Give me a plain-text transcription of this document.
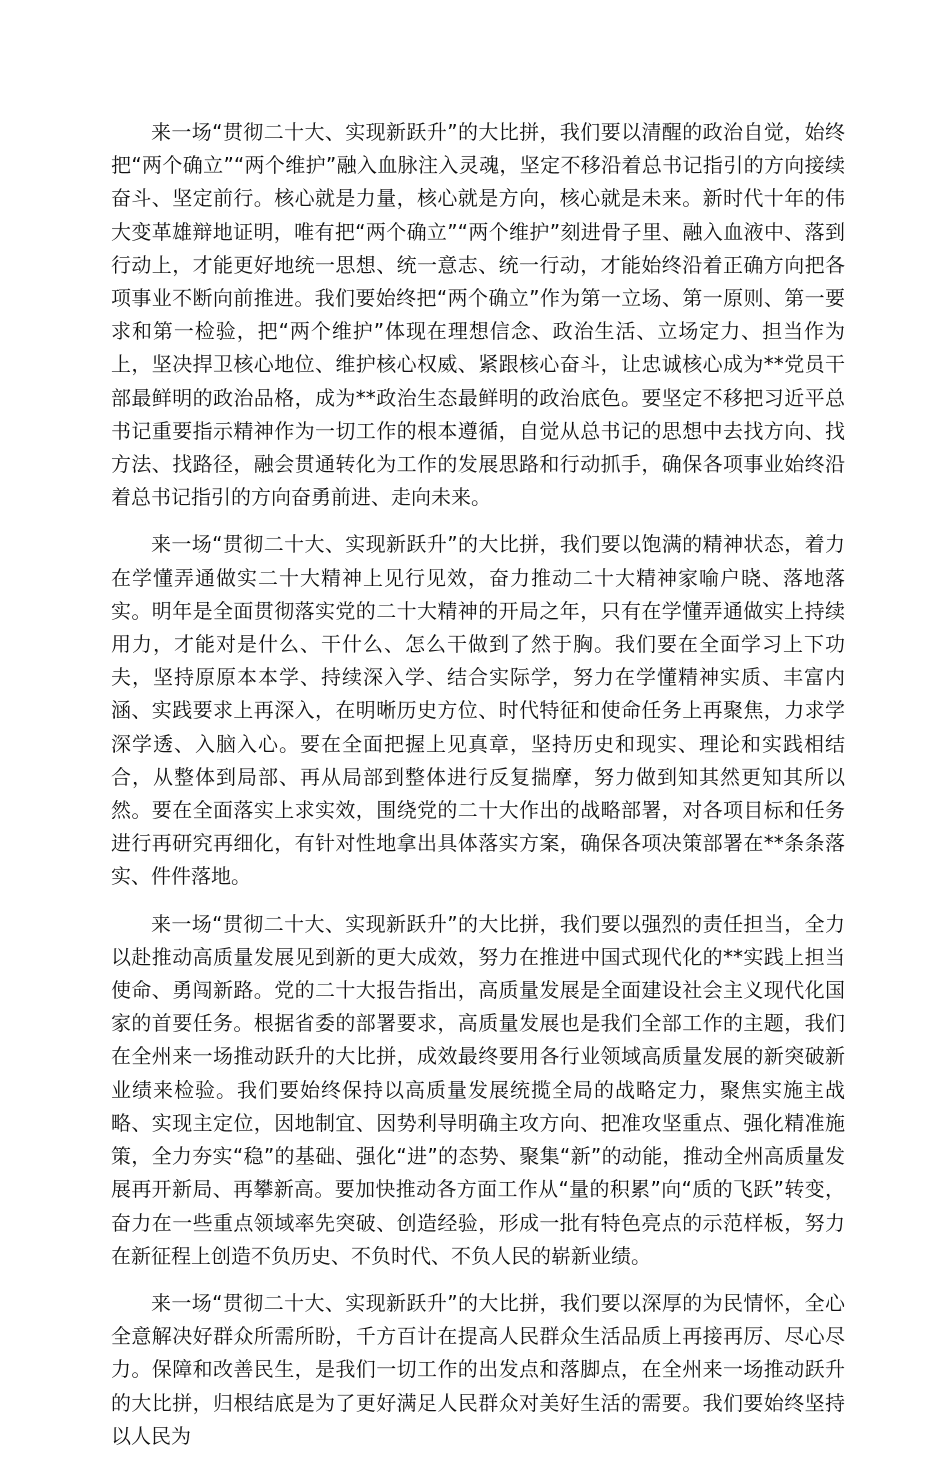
来一场“贯彻二十大、实现新跃升”的大比拼，我们要以清醒的政治自觉，始终把“两个确立”“两个维护”融入血脉注入灵魂，坚定不移沿着总书记指引的方向接续奋斗、坚定前行。核心就是力量，核心就是方向，核心就是未来。新时代十年的伟大变革雄辩地证明，唯有把“两个确立”“两个维护”刻进骨子里、融入血液中、落到行动上，才能更好地统一思想、统一意志、统一行动，才能始终沿着正确方向把各项事业不断向前推进。我们要始终把“两个确立”作为第一立场、第一原则、第一要求和第一检验，把“两个维护”体现在理想信念、政治生活、立场定力、担当作为上，坚决捍卫核心地位、维护核心权威、紧跟核心奋斗，让忠诚核心成为**党员干部最鲜明的政治品格，成为**政治生态最鲜明的政治底色。要坚定不移把习近平总书记重要指示精神作为一切工作的根本遵循，自觉从总书记的思想中去找方向、找方法、找路径，融会贯通转化为工作的发展思路和行动抓手，确保各项事业始终沿着总书记指引的方向奋勇前进、走向未来。

来一场“贯彻二十大、实现新跃升”的大比拼，我们要以饱满的精神状态，着力在学懂弄通做实二十大精神上见行见效，奋力推动二十大精神家喻户晓、落地落实。明年是全面贯彻落实党的二十大精神的开局之年，只有在学懂弄通做实上持续用力，才能对是什么、干什么、怎么干做到了然于胸。我们要在全面学习上下功夫，坚持原原本本学、持续深入学、结合实际学，努力在学懂精神实质、丰富内涵、实践要求上再深入，在明晰历史方位、时代特征和使命任务上再聚焦，力求学深学透、入脑入心。要在全面把握上见真章，坚持历史和现实、理论和实践相结合，从整体到局部、再从局部到整体进行反复揣摩，努力做到知其然更知其所以然。要在全面落实上求实效，围绕党的二十大作出的战略部署，对各项目标和任务进行再研究再细化，有针对性地拿出具体落实方案，确保各项决策部署在**条条落实、件件落地。

来一场“贯彻二十大、实现新跃升”的大比拼，我们要以强烈的责任担当，全力以赴推动高质量发展见到新的更大成效，努力在推进中国式现代化的**实践上担当使命、勇闯新路。党的二十大报告指出，高质量发展是全面建设社会主义现代化国家的首要任务。根据省委的部署要求，高质量发展也是我们全部工作的主题，我们在全州来一场推动跃升的大比拼，成效最终要用各行业领域高质量发展的新突破新业绩来检验。我们要始终保持以高质量发展统揽全局的战略定力，聚焦实施主战略、实现主定位，因地制宜、因势利导明确主攻方向、把准攻坚重点、强化精准施策，全力夯实“稳”的基础、强化“进”的态势、聚集“新”的动能，推动全州高质量发展再开新局、再攀新高。要加快推动各方面工作从“量的积累”向“质的飞跃”转变，奋力在一些重点领域率先突破、创造经验，形成一批有特色亮点的示范样板，努力在新征程上创造不负历史、不负时代、不负人民的崭新业绩。

来一场“贯彻二十大、实现新跃升”的大比拼，我们要以深厚的为民情怀，全心全意解决好群众所需所盼，千方百计在提高人民群众生活品质上再接再厉、尽心尽力。保障和改善民生，是我们一切工作的出发点和落脚点，在全州来一场推动跃升的大比拼，归根结底是为了更好满足人民群众对美好生活的需要。我们要始终坚持以人民为
